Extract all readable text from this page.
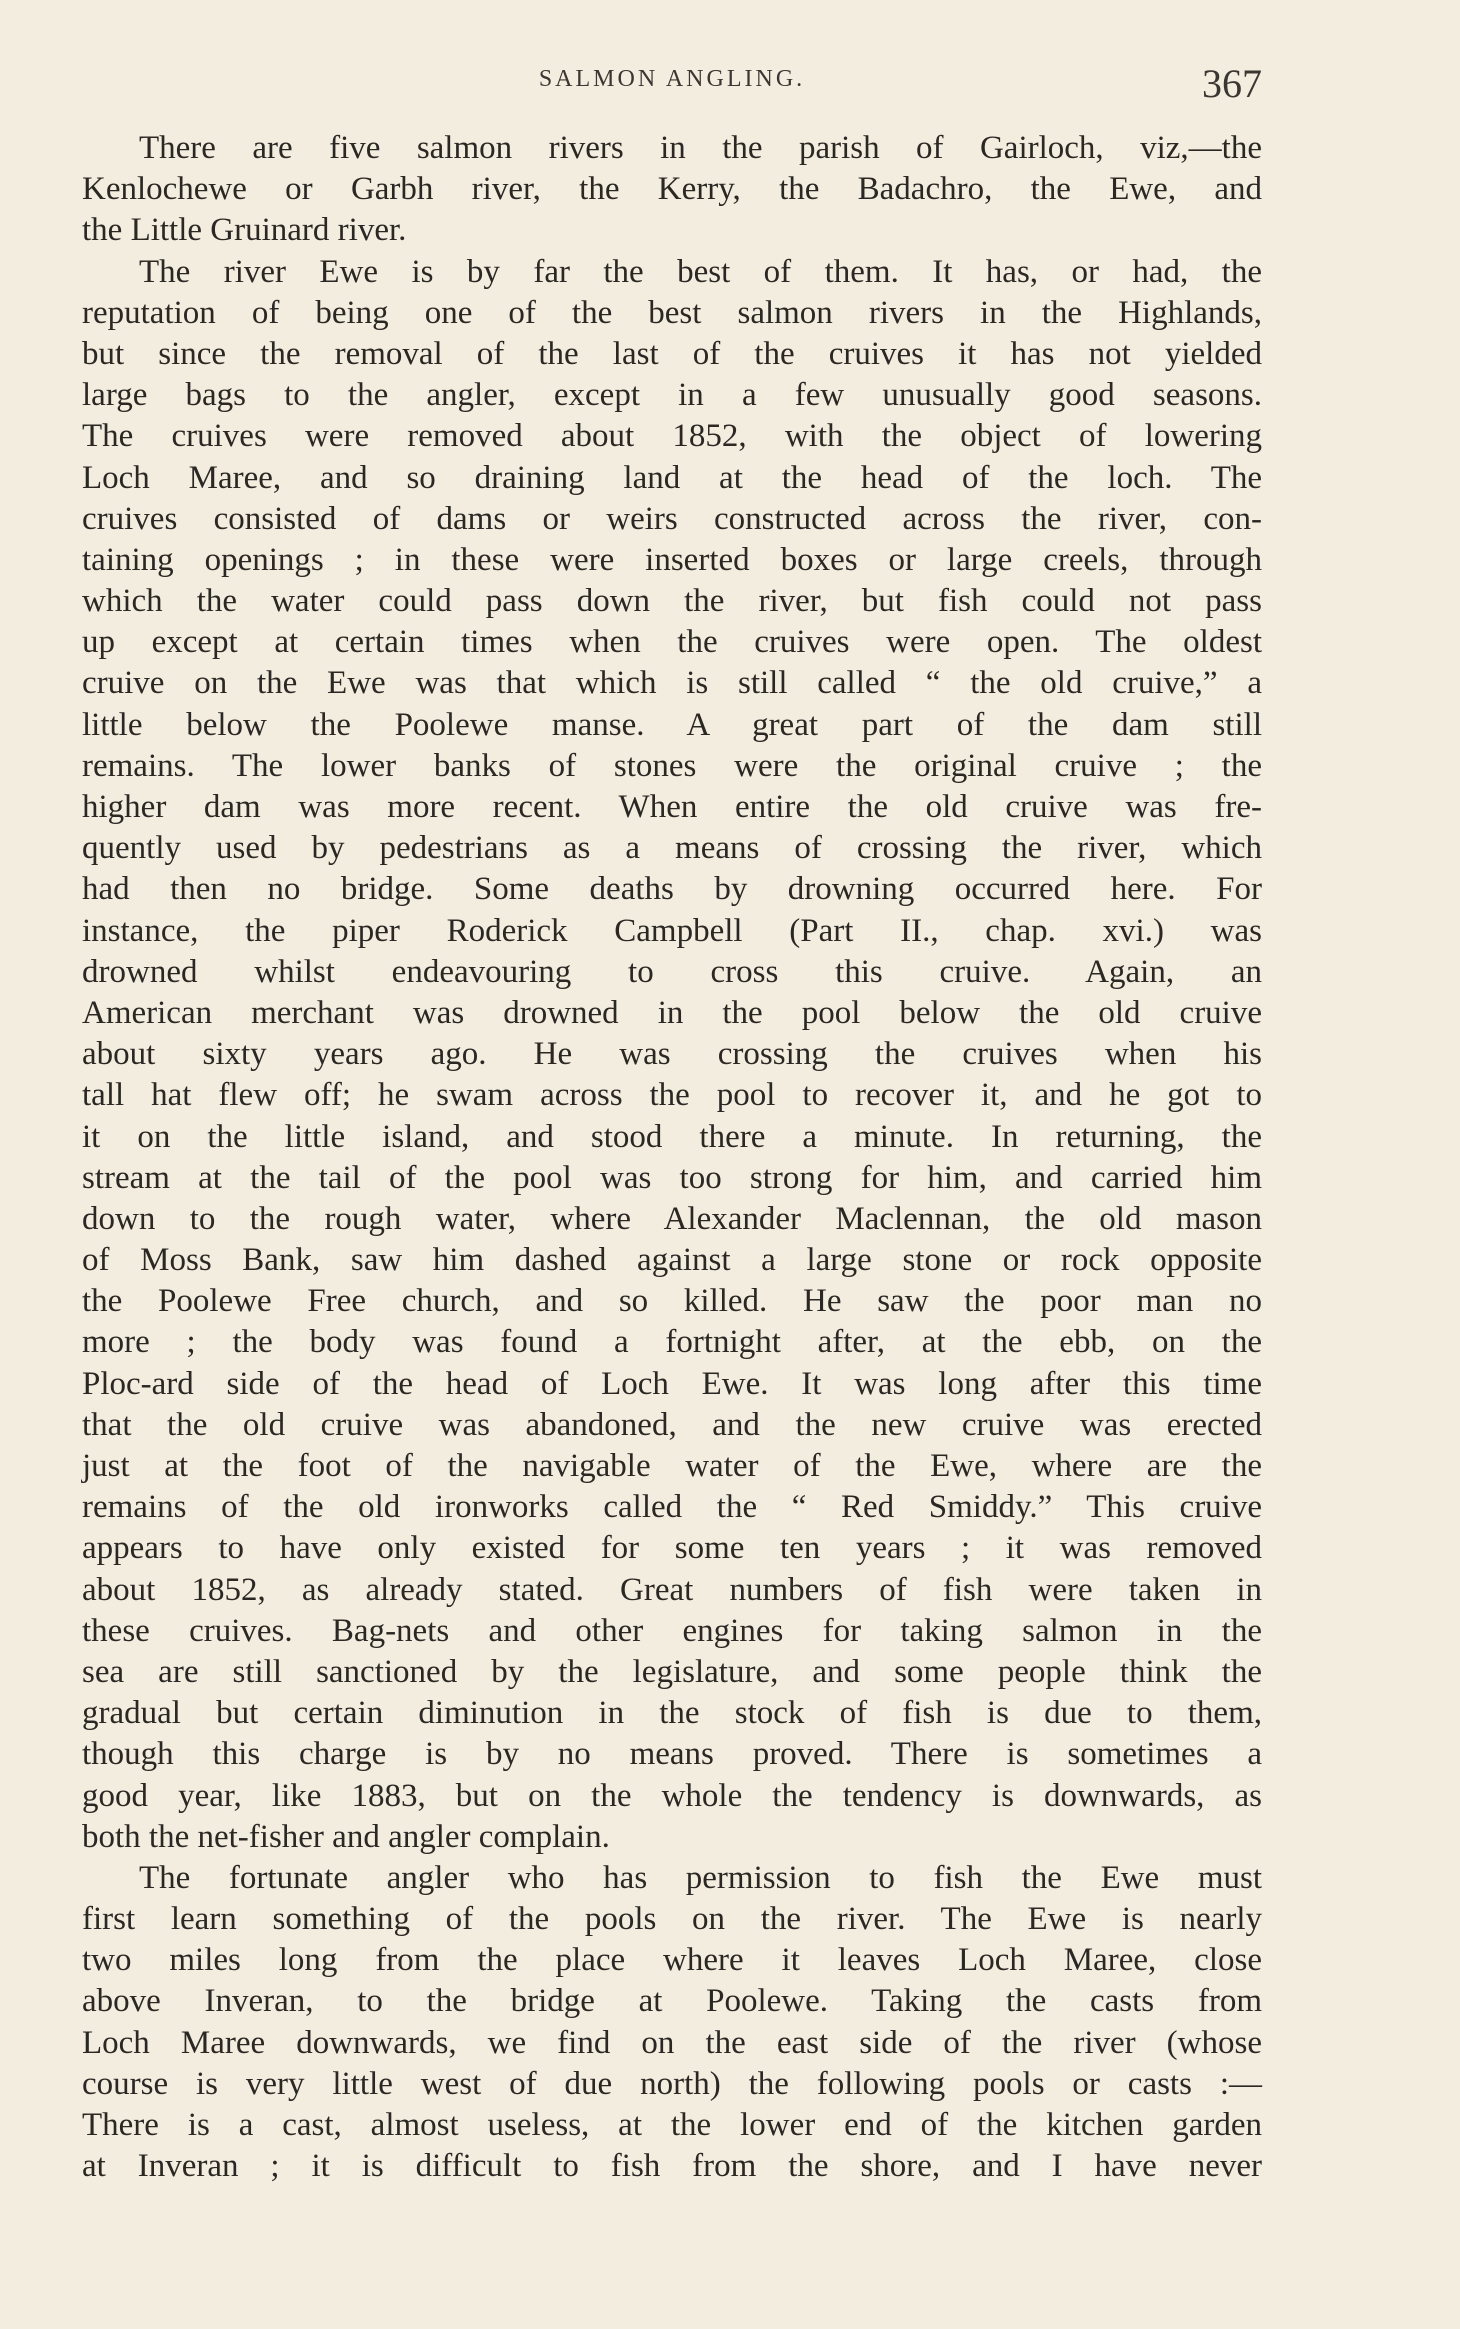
SALMON ANGLING.	367
There are five salmon rivers in the parish of Gairloch, viz,—the
Kenlochewe or Garbh river, the Kerry, the Badachro, the Ewe, and
the Little Gruinard river.
The river Ewe is by far the best of them. It has, or had, the
reputation of being one of the best salmon rivers in the Highlands,
but since the removal of the last of the cruives it has not yielded
large bags to the angler, except in a few unusually good seasons.
The cruives were removed about 1852, with the object of lowering
Loch Maree, and so draining land at the head of the loch. The
cruives consisted of dams or weirs constructed across the river, con-
taining openings ; in these were inserted boxes or large creels, through
which the water could pass down the river, but fish could not pass
up except at certain times when the cruives were open. The oldest
cruive on the Ewe was that which is still called “ the old cruive,” a
little below the Poolewe manse. A great part of the dam still
remains. The lower banks of stones were the original cruive ; the
higher dam was more recent. When entire the old cruive was fre-
quently used by pedestrians as a means of crossing the river, which
had then no bridge. Some deaths by drowning occurred here. For
instance, the piper Roderick Campbell (Part II., chap. xvi.) was
drowned whilst endeavouring to cross this cruive. Again, an
American merchant was drowned in the pool below the old cruive
about sixty years ago. He was crossing the cruives when his
tall hat flew off; he swam across the pool to recover it, and he got to
it on the little island, and stood there a minute. In returning, the
stream at the tail of the pool was too strong for him, and carried him
down to the rough water, where Alexander Maclennan, the old mason
of Moss Bank, saw him dashed against a large stone or rock opposite
the Poolewe Free church, and so killed. He saw the poor man no
more ; the body was found a fortnight after, at the ebb, on the
Ploc-ard side of the head of Loch Ewe. It was long after this time
that the old cruive was abandoned, and the new cruive was erected
just at the foot of the navigable water of the Ewe, where are the
remains of the old ironworks called the “ Red Smiddy.” This cruive
appears to have only existed for some ten years ; it was removed
about 1852, as already stated. Great numbers of fish were taken in
these cruives. Bag-nets and other engines for taking salmon in the
sea are still sanctioned by the legislature, and some people think the
gradual but certain diminution in the stock of fish is due to them,
though this charge is by no means proved. There is sometimes a
good year, like 1883, but on the whole the tendency is downwards, as
both the net-fisher and angler complain.
The fortunate angler who has permission to fish the Ewe must
first learn something of the pools on the river. The Ewe is nearly
two miles long from the place where it leaves Loch Maree, close
above Inveran, to the bridge at Poolewe. Taking the casts from
Loch Maree downwards, we find on the east side of the river (whose
course is very little west of due north) the following pools or casts :—
There is a cast, almost useless, at the lower end of the kitchen garden
at Inveran ; it is difficult to fish from the shore, and I have never
